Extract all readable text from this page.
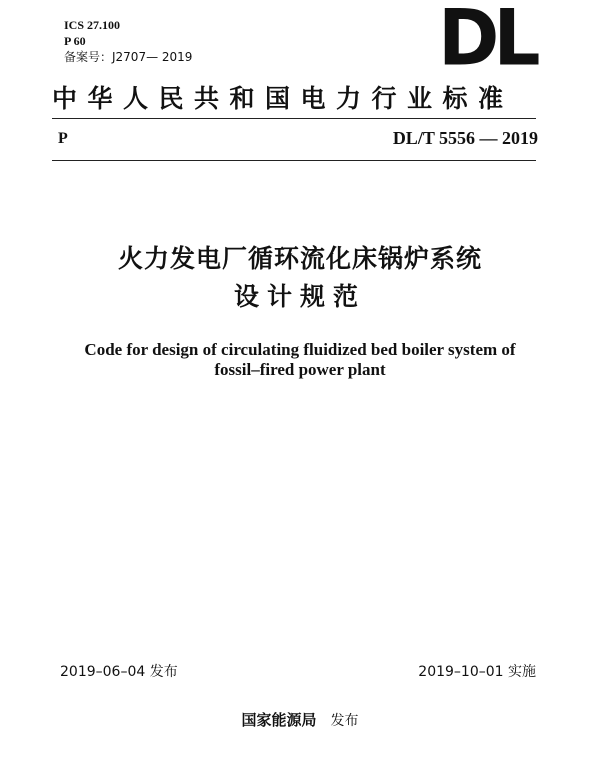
ICS 27.100
P 60
备案号：J2707— 2019	DL
中华人民共和国电力行业标准
P	DL/T 5556 — 2019
火力发电厂循环流化床锅炉系统
设计规范
Code for design of circulating fluidized bed boiler system of
fossil–fired power plant
2019–06–04 发布	2019–10–01 实施
国家能源局 发布
